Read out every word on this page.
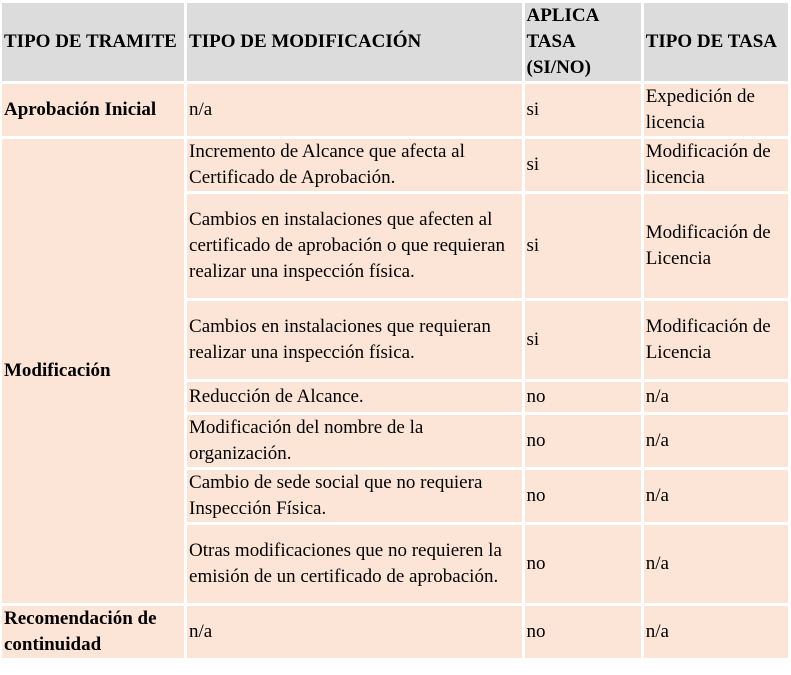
TIPO DE TRAMITE	TIPO DE MODIFICACIÓN	APLICA TASA (SI/NO)	TIPO DE TASA
Aprobación Inicial	n/a	si	Expedición de licencia
Modificación	Incremento de Alcance que afecta al Certificado de Aprobación.	si	Modificación de licencia
	Cambios en instalaciones que afecten al certificado de aprobación o que requieran realizar una inspección física.	si	Modificación de Licencia
	Cambios en instalaciones que requieran realizar una inspección física.	si	Modificación de Licencia
	Reducción de Alcance.	no	n/a
	Modificación del nombre de la organización.	no	n/a
	Cambio de sede social que no requiera Inspección Física.	no	n/a
	Otras modificaciones que no requieren la emisión de un certificado de aprobación.	no	n/a
Recomendación de continuidad	n/a	no	n/a
